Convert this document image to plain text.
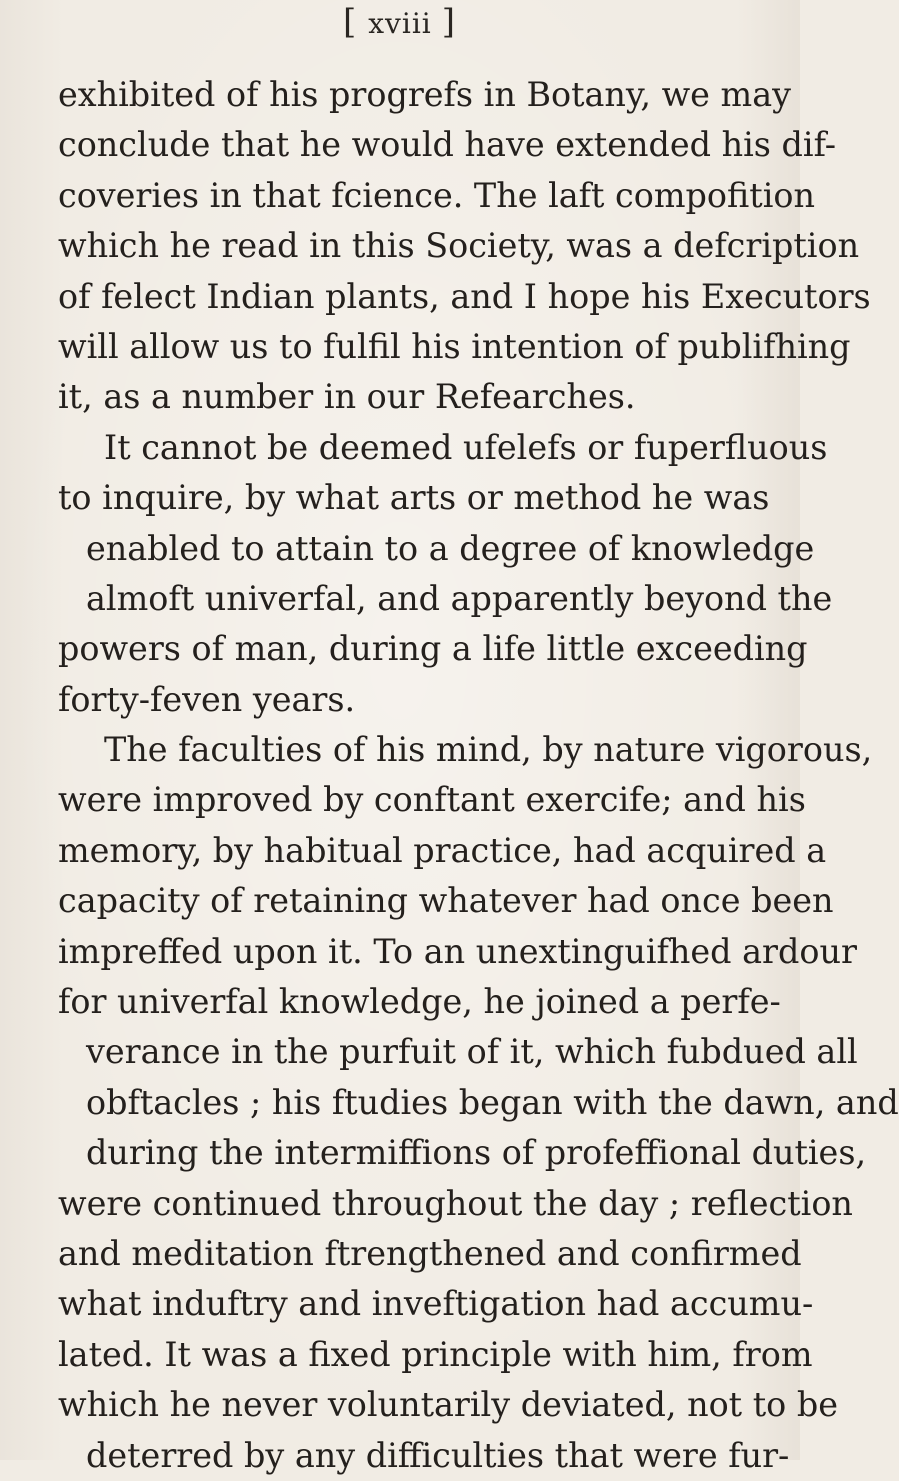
[ xviii ]
exhibited of his progrefs in Botany, we may
conclude that he would have extended his dif-
coveries in that fcience. The laft compofition
which he read in this Society, was a defcription
of felect Indian plants, and I hope his Executors
will allow us to fulfil his intention of publifhing
it, as a number in our Refearches.
It cannot be deemed ufelefs or fuperfluous
to inquire, by what arts or method he was
enabled to attain to a degree of knowledge
almoft univerfal, and apparently beyond the
powers of man, during a life little exceeding
forty-feven years.
The faculties of his mind, by nature vigorous,
were improved by conftant exercife; and his
memory, by habitual practice, had acquired a
capacity of retaining whatever had once been
impreffed upon it. To an unextinguifhed ardour
for univerfal knowledge, he joined a perfe-
verance in the purfuit of it, which fubdued all
obftacles ; his ftudies began with the dawn, and
during the intermiffions of profeffional duties,
were continued throughout the day ; reflection
and meditation ftrengthened and confirmed
what induftry and inveftigation had accumu-
lated. It was a fixed principle with him, from
which he never voluntarily deviated, not to be
deterred by any difficulties that were fur-
